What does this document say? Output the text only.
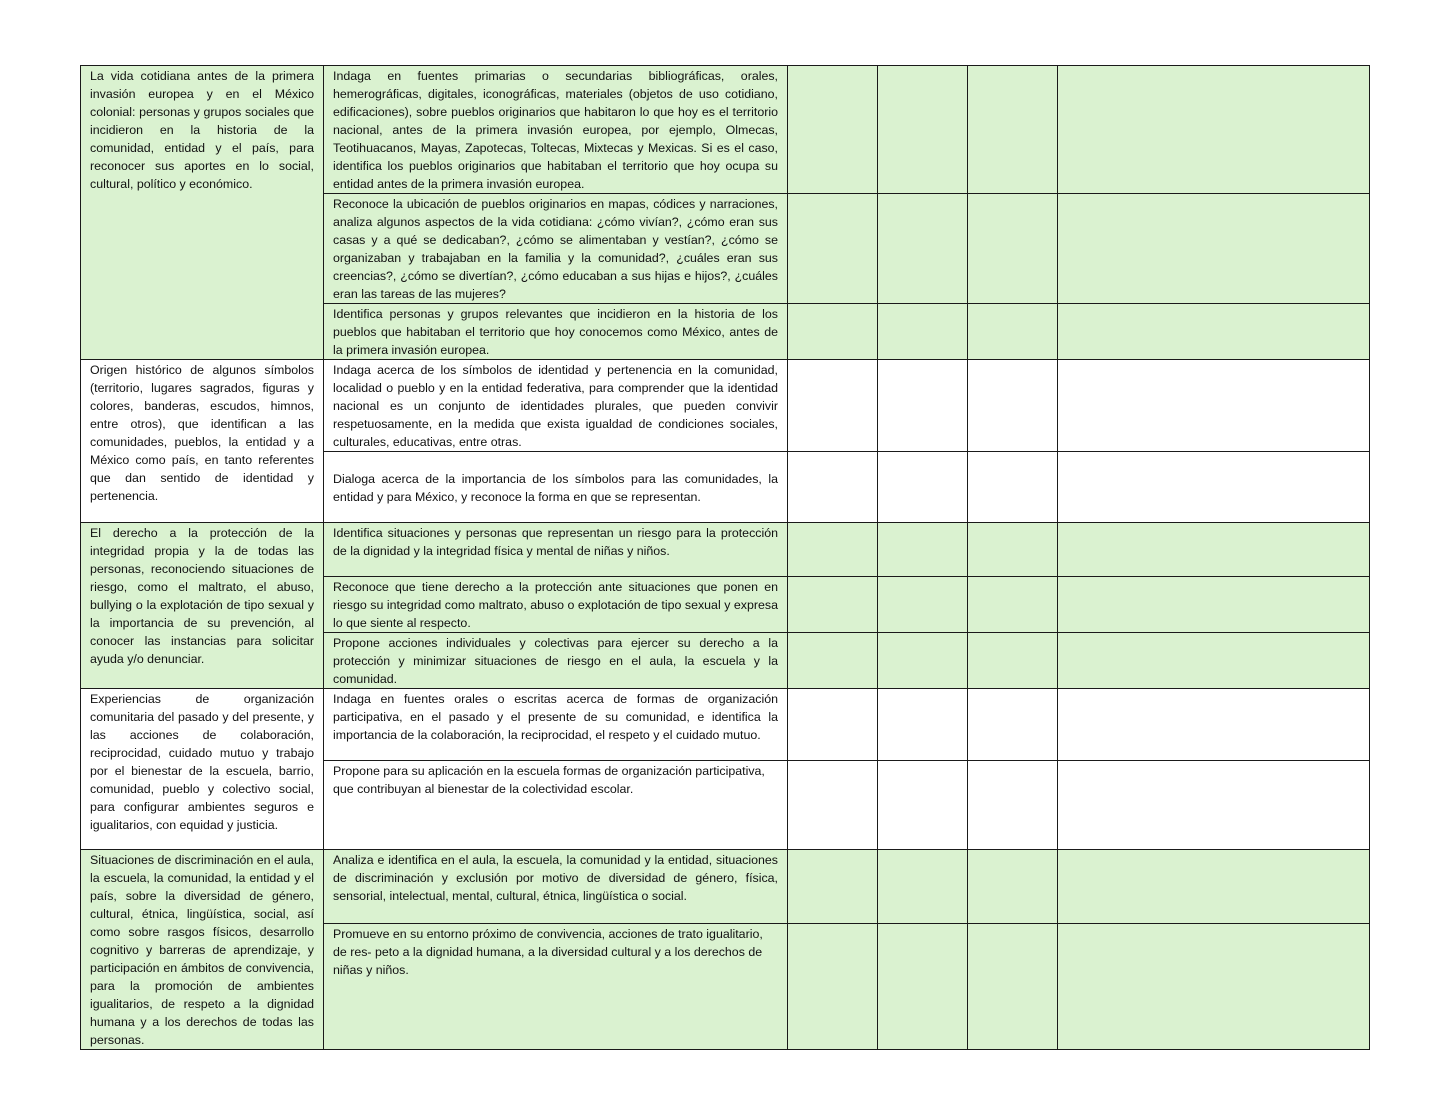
La vida cotidiana antes de la primera invasión europea y en el México colonial: personas y grupos sociales que incidieron en la historia de la comunidad, entidad y el país, para reconocer sus aportes en lo social, cultural, político y económico.	Indaga en fuentes primarias o secundarias bibliográficas, orales, hemerográficas, digitales, iconográficas, materiales (objetos de uso cotidiano, edificaciones), sobre pueblos originarios que habitaron lo que hoy es el territorio nacional, antes de la primera invasión europea, por ejemplo, Olmecas, Teotihuacanos, Mayas, Zapotecas, Toltecas, Mixtecas y Mexicas. Si es el caso, identifica los pueblos originarios que habitaban el territorio que hoy ocupa su entidad antes de la primera invasión europea.				
	Reconoce la ubicación de pueblos originarios en mapas, códices y narraciones, analiza algunos aspectos de la vida cotidiana: ¿cómo vivían?, ¿cómo eran sus casas y a qué se dedicaban?, ¿cómo se alimentaban y vestían?, ¿cómo se organizaban y trabajaban en la familia y la comunidad?, ¿cuáles eran sus creencias?, ¿cómo se divertían?, ¿cómo educaban a sus hijas e hijos?, ¿cuáles eran las tareas de las mujeres?				
	Identifica personas y grupos relevantes que incidieron en la historia de los pueblos que habitaban el territorio que hoy conocemos como México, antes de la primera invasión europea.				
Origen histórico de algunos símbolos (territorio, lugares sagrados, figuras y colores, banderas, escudos, himnos, entre otros), que identifican a las comunidades, pueblos, la entidad y a México como país, en tanto referentes que dan sentido de identidad y pertenencia.	Indaga acerca de los símbolos de identidad y pertenencia en la comunidad, localidad o pueblo y en la entidad federativa, para comprender que la identidad nacional es un conjunto de identidades plurales, que pueden convivir respetuosamente, en la medida que exista igualdad de condiciones sociales, culturales, educativas, entre otras.				
	Dialoga acerca de la importancia de los símbolos para las comunidades, la entidad y para México, y reconoce la forma en que se representan.				
El derecho a la protección de la integridad propia y la de todas las personas, reconociendo situaciones de riesgo, como el maltrato, el abuso, bullying o la explotación de tipo sexual y la importancia de su prevención, al conocer las instancias para solicitar ayuda y/o denunciar.	Identifica situaciones y personas que representan un riesgo para la protección de la dignidad y la integridad física y mental de niñas y niños.				
	Reconoce que tiene derecho a la protección ante situaciones que ponen en riesgo su integridad como maltrato, abuso o explotación de tipo sexual y expresa lo que siente al respecto.				
	Propone acciones individuales y colectivas para ejercer su derecho a la protección y minimizar situaciones de riesgo en el aula, la escuela y la comunidad.				
Experiencias de organización comunitaria del pasado y del presente, y las acciones de colaboración, reciprocidad, cuidado mutuo y trabajo por el bienestar de la escuela, barrio, comunidad, pueblo y colectivo social, para configurar ambientes seguros e igualitarios, con equidad y justicia.	Indaga en fuentes orales o escritas acerca de formas de organización participativa, en el pasado y el presente de su comunidad, e identifica la importancia de la colaboración, la reciprocidad, el respeto y el cuidado mutuo.				
	Propone para su aplicación en la escuela formas de organización participativa, que contribuyan al bienestar de la colectividad escolar.				
Situaciones de discriminación en el aula, la escuela, la comunidad, la entidad y el país, sobre la diversidad de género, cultural, étnica, lingüística, social, así como sobre rasgos físicos, desarrollo cognitivo y barreras de aprendizaje, y participación en ámbitos de convivencia, para la promoción de ambientes igualitarios, de respeto a la dignidad humana y a los derechos de todas las personas.	Analiza e identifica en el aula, la escuela, la comunidad y la entidad, situaciones de discriminación y exclusión por motivo de diversidad de género, física, sensorial, intelectual, mental, cultural, étnica, lingüística o social.				
	Promueve en su entorno próximo de convivencia, acciones de trato igualitario, de res- peto a la dignidad humana, a la diversidad cultural y a los derechos de niñas y niños.				
